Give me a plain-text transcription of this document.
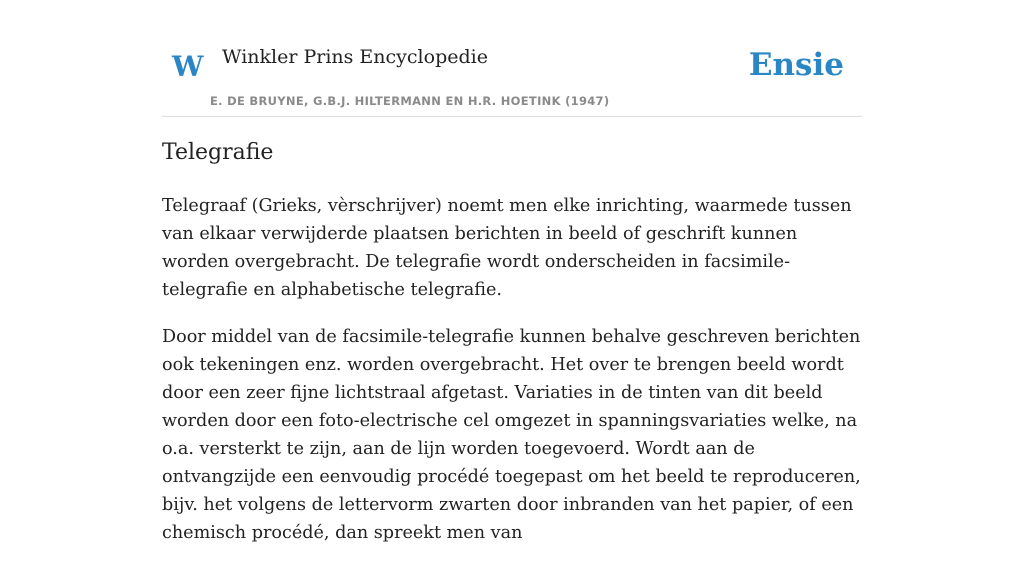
W Winkler Prins Encyclopedie
E. DE BRUYNE, G.B.J. HILTERMANN EN H.R. HOETINK (1947)
Ensie
Telegrafie

Telegraaf (Grieks, vèrschrijver) noemt men elke inrichting, waarmede tussen van elkaar verwijderde plaatsen berichten in beeld of geschrift kunnen worden overgebracht. De telegrafie wordt onderscheiden in facsimile-telegrafie en alphabetische telegrafie.

Door middel van de facsimile-telegrafie kunnen behalve geschreven berichten ook tekeningen enz. worden overgebracht. Het over te brengen beeld wordt door een zeer fijne lichtstraal afgetast. Variaties in de tinten van dit beeld worden door een foto-electrische cel omgezet in spanningsvariaties welke, na o.a. versterkt te zijn, aan de lijn worden toegevoerd. Wordt aan de ontvangzijde een eenvoudig procédé toegepast om het beeld te reproduceren, bijv. het volgens de lettervorm zwarten door inbranden van het papier, of een chemisch procédé, dan spreekt men van
